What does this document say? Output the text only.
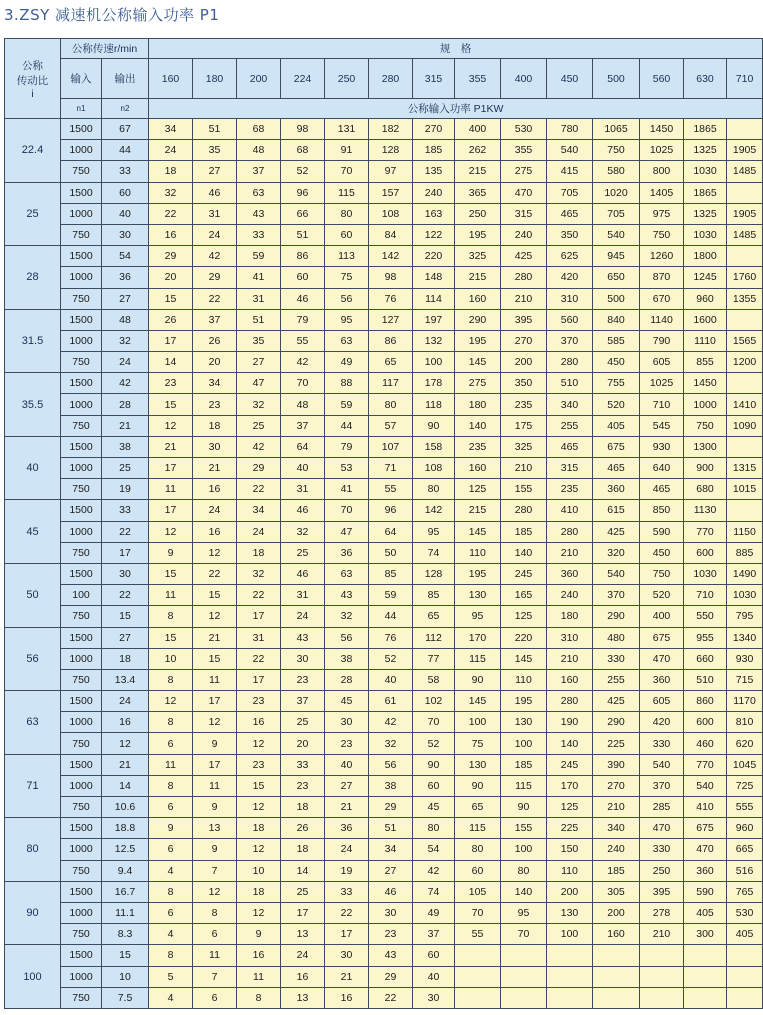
3.ZSY 减速机公称输入功率 P1
公称
传动比
i	公称传速r/min		规　格													
	输入	输出	160	180	200	224	250	280	315	355	400	450	500	560	630	710

	n1	n2	公称输入功率 P1KW													
22.4	1500	67	34	51	68	98	131	182	270	400	530	780	1065	1450	1865	
	1000	44	24	35	48	68	91	128	185	262	355	540	750	1025	1325	1905
	750	33	18	27	37	52	70	97	135	215	275	415	580	800	1030	1485
25	1500	60	32	46	63	96	115	157	240	365	470	705	1020	1405	1865	
	1000	40	22	31	43	66	80	108	163	250	315	465	705	975	1325	1905
	750	30	16	24	33	51	60	84	122	195	240	350	540	750	1030	1485
28	1500	54	29	42	59	86	113	142	220	325	425	625	945	1260	1800	
	1000	36	20	29	41	60	75	98	148	215	280	420	650	870	1245	1760
	750	27	15	22	31	46	56	76	114	160	210	310	500	670	960	1355
31.5	1500	48	26	37	51	79	95	127	197	290	395	560	840	1140	1600	
	1000	32	17	26	35	55	63	86	132	195	270	370	585	790	1110	1565
	750	24	14	20	27	42	49	65	100	145	200	280	450	605	855	1200
35.5	1500	42	23	34	47	70	88	117	178	275	350	510	755	1025	1450	
	1000	28	15	23	32	48	59	80	118	180	235	340	520	710	1000	1410
	750	21	12	18	25	37	44	57	90	140	175	255	405	545	750	1090
40	1500	38	21	30	42	64	79	107	158	235	325	465	675	930	1300	
	1000	25	17	21	29	40	53	71	108	160	210	315	465	640	900	1315
	750	19	11	16	22	31	41	55	80	125	155	235	360	465	680	1015
45	1500	33	17	24	34	46	70	96	142	215	280	410	615	850	1130	
	1000	22	12	16	24	32	47	64	95	145	185	280	425	590	770	1150
	750	17	9	12	18	25	36	50	74	110	140	210	320	450	600	885
50	1500	30	15	22	32	46	63	85	128	195	245	360	540	750	1030	1490
	100	22	11	15	22	31	43	59	85	130	165	240	370	520	710	1030
	750	15	8	12	17	24	32	44	65	95	125	180	290	400	550	795
56	1500	27	15	21	31	43	56	76	112	170	220	310	480	675	955	1340
	1000	18	10	15	22	30	38	52	77	115	145	210	330	470	660	930
	750	13.4	8	11	17	23	28	40	58	90	110	160	255	360	510	715
63	1500	24	12	17	23	37	45	61	102	145	195	280	425	605	860	1170
	1000	16	8	12	16	25	30	42	70	100	130	190	290	420	600	810
	750	12	6	9	12	20	23	32	52	75	100	140	225	330	460	620
71	1500	21	11	17	23	33	40	56	90	130	185	245	390	540	770	1045
	1000	14	8	11	15	23	27	38	60	90	115	170	270	370	540	725
	750	10.6	6	9	12	18	21	29	45	65	90	125	210	285	410	555
80	1500	18.8	9	13	18	26	36	51	80	115	155	225	340	470	675	960
	1000	12.5	6	9	12	18	24	34	54	80	100	150	240	330	470	665
	750	9.4	4	7	10	14	19	27	42	60	80	110	185	250	360	516
90	1500	16.7	8	12	18	25	33	46	74	105	140	200	305	395	590	765
	1000	11.1	6	8	12	17	22	30	49	70	95	130	200	278	405	530
	750	8.3	4	6	9	13	17	23	37	55	70	100	160	210	300	405
100	1500	15	8	11	16	24	30	43	60							
	1000	10	5	7	11	16	21	29	40							
	750	7.5	4	6	8	13	16	22	30							
